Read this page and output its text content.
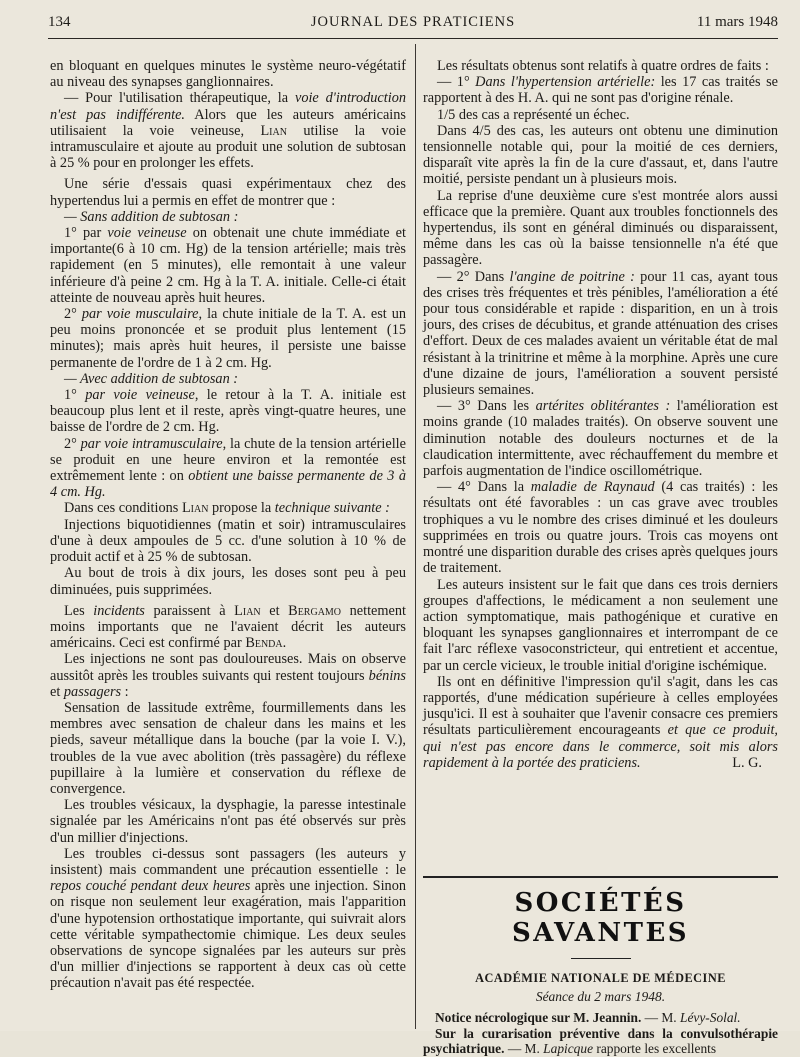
134	JOURNAL DES PRATICIENS	11 mars 1948

en bloquant en quelques minutes le système neuro-végétatif au niveau des synapses ganglionnaires.

— Pour l'utilisation thérapeutique, la voie d'introduction n'est pas indifférente. Alors que les auteurs américains utilisaient la voie veineuse, Lian utilise la voie intramusculaire et ajoute au produit une solution de subtosan à 25 % pour en prolonger les effets.

Une série d'essais quasi expérimentaux chez des hypertendus lui a permis en effet de montrer que :

— Sans addition de subtosan :

1° par voie veineuse on obtenait une chute immédiate et importante(6 à 10 cm. Hg) de la tension artérielle; mais très rapidement (en 5 minutes), elle remontait à une valeur inférieure d'à peine 2 cm. Hg à la T. A. initiale. Celle-ci était atteinte de nouveau après huit heures.

2° par voie musculaire, la chute initiale de la T. A. est un peu moins prononcée et se produit plus lentement (15 minutes); mais après huit heures, il persiste une baisse permanente de l'ordre de 1 à 2 cm. Hg.

— Avec addition de subtosan :

1° par voie veineuse, le retour à la T. A. initiale est beaucoup plus lent et il reste, après vingt-quatre heures, une baisse de l'ordre de 2 cm. Hg.

2° par voie intramusculaire, la chute de la tension artérielle se produit en une heure environ et la remontée est extrêmement lente : on obtient une baisse permanente de 3 à 4 cm. Hg.

Dans ces conditions Lian propose la technique suivante :

Injections biquotidiennes (matin et soir) intramusculaires d'une à deux ampoules de 5 cc. d'une solution à 10 % de produit actif et à 25 % de subtosan.

Au bout de trois à dix jours, les doses sont peu à peu diminuées, puis supprimées.

Les incidents paraissent à Lian et Bergamo nettement moins importants que ne l'avaient décrit les auteurs américains. Ceci est confirmé par Benda.

Les injections ne sont pas douloureuses. Mais on observe aussitôt après les troubles suivants qui restent toujours bénins et passagers :

Sensation de lassitude extrême, fourmillements dans les membres avec sensation de chaleur dans les mains et les pieds, saveur métallique dans la bouche (par la voie I. V.), troubles de la vue avec abolition (très passagère) du réflexe pupillaire à la lumière et conservation du réflexe de convergence.

Les troubles vésicaux, la dysphagie, la paresse intestinale signalée par les Américains n'ont pas été observés sur près d'un millier d'injections.

Les troubles ci-dessus sont passagers (les auteurs y insistent) mais commandent une précaution essentielle : le repos couché pendant deux heures après une injection. Sinon on risque non seulement leur exagération, mais l'apparition d'une hypotension orthostatique importante, qui suivrait alors cette véritable sympathectomie chimique. Les deux seules observations de syncope signalées par les auteurs sur près d'un millier d'injections se rapportent à deux cas où cette précaution n'avait pas été respectée.

Les résultats obtenus sont relatifs à quatre ordres de faits :

— 1° Dans l'hypertension artérielle: les 17 cas traités se rapportent à des H. A. qui ne sont pas d'origine rénale.

1/5 des cas a représenté un échec.

Dans 4/5 des cas, les auteurs ont obtenu une diminution tensionnelle notable qui, pour la moitié de ces derniers, disparaît vite après la fin de la cure d'assaut, et, dans l'autre moitié, persiste pendant un à plusieurs mois.

La reprise d'une deuxième cure s'est montrée alors aussi efficace que la première. Quant aux troubles fonctionnels des hypertendus, ils sont en général diminués ou disparaissent, même dans les cas où la baisse tensionnelle n'a été que passagère.

— 2° Dans l'angine de poitrine : pour 11 cas, ayant tous des crises très fréquentes et très pénibles, l'amélioration a été pour tous considérable et rapide : disparition, en un à trois jours, des crises de décubitus, et grande atténuation des crises d'effort. Deux de ces malades avaient un véritable état de mal résistant à la trinitrine et même à la morphine. Après une cure d'une dizaine de jours, l'amélioration a souvent persisté plusieurs semaines.

— 3° Dans les artérites oblitérantes : l'amélioration est moins grande (10 malades traités). On observe souvent une diminution notable des douleurs nocturnes et de la claudication intermittente, avec réchauffement du membre et parfois augmentation de l'indice oscillométrique.

— 4° Dans la maladie de Raynaud (4 cas traités) : les résultats ont été favorables : un cas grave avec troubles trophiques a vu le nombre des crises diminué et les douleurs supprimées en trois ou quatre jours. Trois cas moyens ont montré une disparition durable des crises après quelques jours de traitement.

Les auteurs insistent sur le fait que dans ces trois derniers groupes d'affections, le médicament a non seulement une action symptomatique, mais pathogénique et curative en bloquant les synapses ganglionnaires et interrompant de ce fait l'arc réflexe vasoconstricteur, qui entretient et accentue, par un cercle vicieux, le trouble initial d'origine ischémique.

Ils ont en définitive l'impression qu'il s'agit, dans les cas rapportés, d'une médication supérieure à celles employées jusqu'ici. Il est à souhaiter que l'avenir consacre ces premiers résultats particulièrement encourageants et que ce produit, qui n'est pas encore dans le commerce, soit mis alors rapidement à la portée des praticiens.	L. G.

SOCIÉTÉS SAVANTES
ACADÉMIE NATIONALE DE MÉDECINE
Séance du 2 mars 1948.

Notice nécrologique sur M. Jeannin. — M. Lévy-Solal.

Sur la curarisation préventive dans la convulsothérapie psychiatrique. — M. Lapicque rapporte les excellents
